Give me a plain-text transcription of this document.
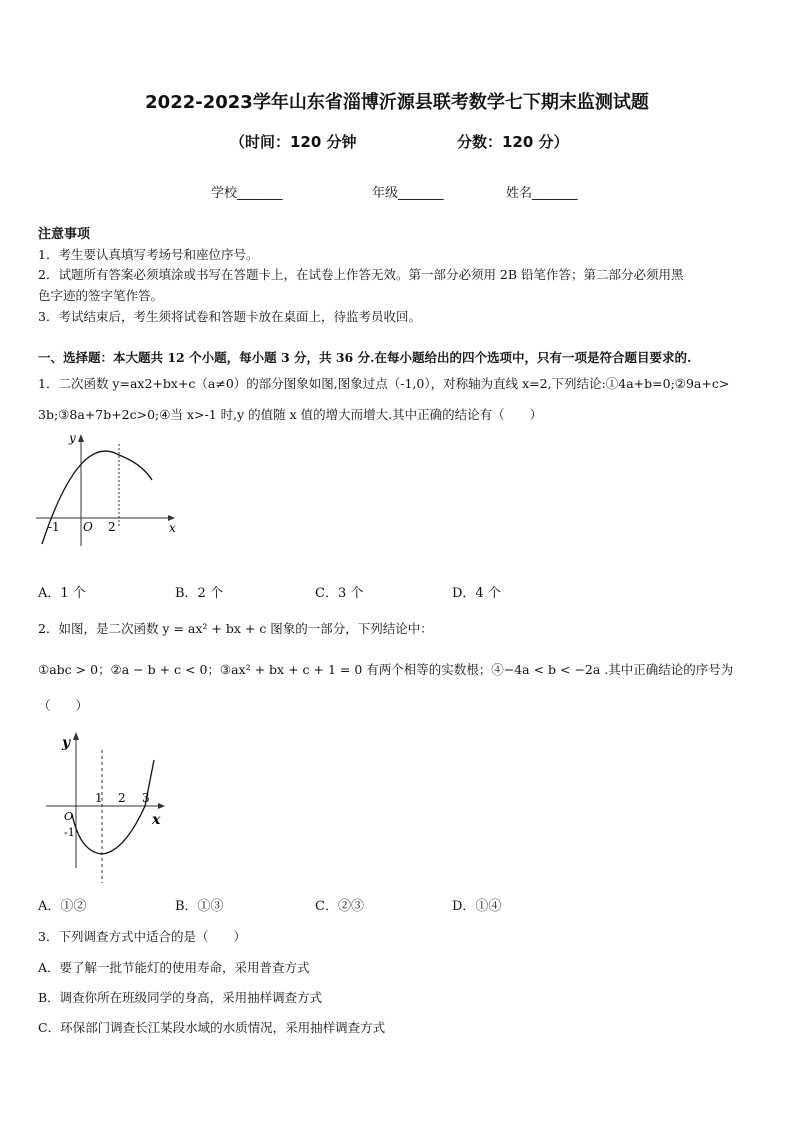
2022-2023学年山东省淄博沂源县联考数学七下期末监测试题
（时间：120 分钟	分数：120 分）
学校_______	年级_______	姓名_______
注意事项
1．考生要认真填写考场号和座位序号。
2．试题所有答案必须填涂或书写在答题卡上，在试卷上作答无效。第一部分必须用 2B 铅笔作答；第二部分必须用黑
色字迹的签字笔作答。
3．考试结束后，考生须将试卷和答题卡放在桌面上，待监考员收回。
一、选择题：本大题共 12 个小题，每小题 3 分，共 36 分.在每小题给出的四个选项中，只有一项是符合题目要求的.
1．二次函数 y=ax2+bx+c（a≠0）的部分图象如图,图象过点（-1,0），对称轴为直线 x=2,下列结论:①4a+b=0;②9a+c>
3b;③8a+7b+2c>0;④当 x>-1 时,y 的值随 x 值的增大而增大.其中正确的结论有（　　）
y
x
-1 O 2
A．1 个	B．2 个	C．3 个	D．4 个
2．如图，是二次函数 y = ax² + bx + c 图象的一部分，下列结论中：
①abc > 0；②a − b + c < 0；③ax² + bx + c + 1 = 0 有两个相等的实数根；④−4a < b < −2a .其中正确结论的序号为
（　　）
y
x
O
-1
1 2 3
A．①②	B．①③	C．②③	D．①④
3．下列调查方式中适合的是（　　）
A．要了解一批节能灯的使用寿命，采用普查方式
B．调查你所在班级同学的身高，采用抽样调查方式
C．环保部门调查长江某段水域的水质情况，采用抽样调查方式
